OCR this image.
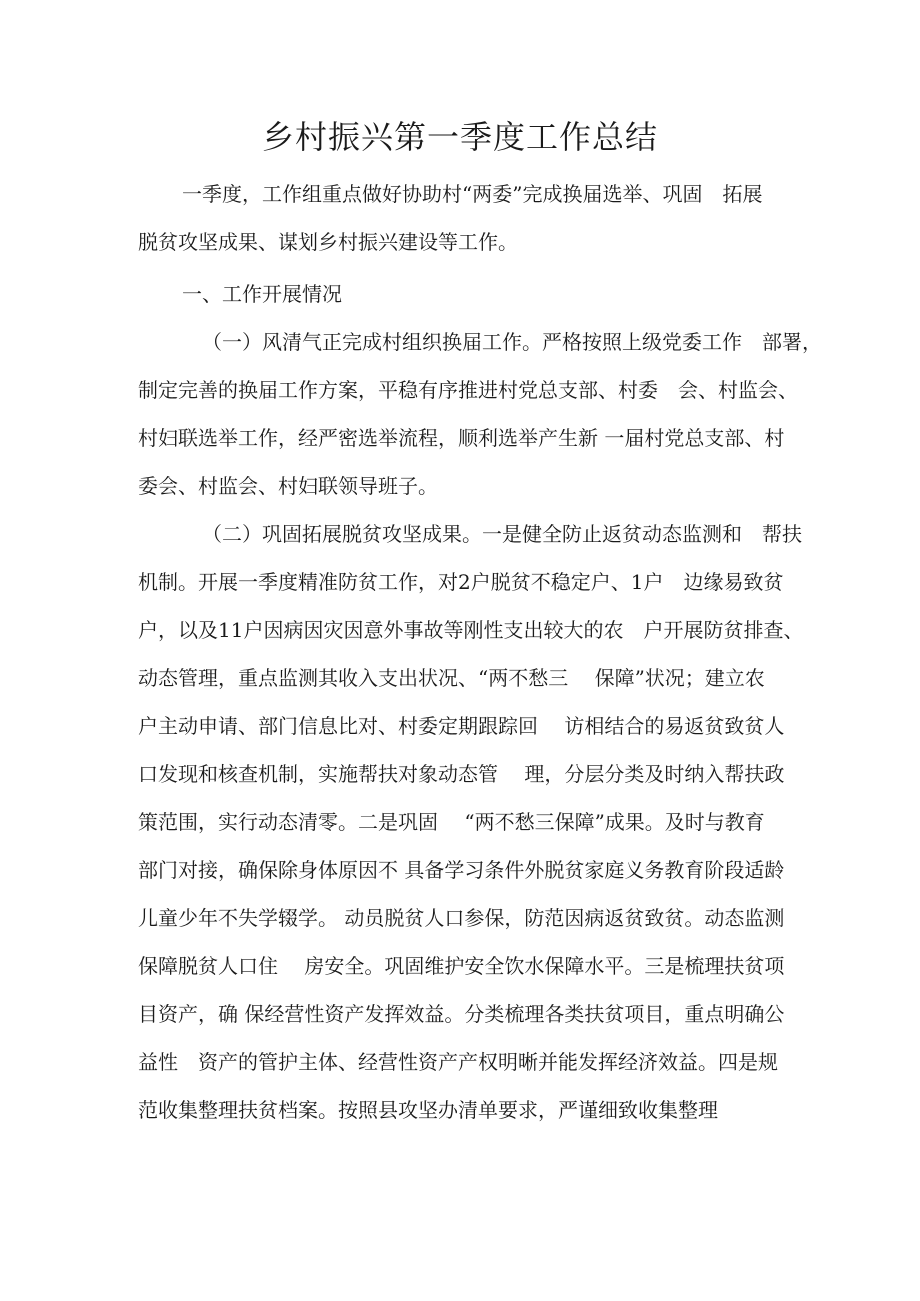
乡村振兴第一季度工作总结
一季度，工作组重点做好协助村“两委”完成换届选举、巩固　拓展
脱贫攻坚成果、谋划乡村振兴建设等工作。
一、工作开展情况
（一）风清气正完成村组织换届工作。严格按照上级党委工作　部署，
制定完善的换届工作方案，平稳有序推进村党总支部、村委　会、村监会、
村妇联选举工作，经严密选举流程，顺利选举产生新 一届村党总支部、村
委会、村监会、村妇联领导班子。
（二）巩固拓展脱贫攻坚成果。一是健全防止返贫动态监测和　帮扶
机制。开展一季度精准防贫工作，对2户脱贫不稳定户、1户　边缘易致贫
户，以及11户因病因灾因意外事故等刚性支出较大的农　户开展防贫排查、
动态管理，重点监测其收入支出状况、“两不愁三　 保障”状况；建立农
户主动申请、部门信息比对、村委定期跟踪回　 访相结合的易返贫致贫人
口发现和核查机制，实施帮扶对象动态管　 理，分层分类及时纳入帮扶政
策范围，实行动态清零。二是巩固　 “两不愁三保障”成果。及时与教育
部门对接，确保除身体原因不 具备学习条件外脱贫家庭义务教育阶段适龄
儿童少年不失学辍学。 动员脱贫人口参保，防范因病返贫致贫。动态监测
保障脱贫人口住　 房安全。巩固维护安全饮水保障水平。三是梳理扶贫项
目资产，确 保经营性资产发挥效益。分类梳理各类扶贫项目，重点明确公
益性　资产的管护主体、经营性资产产权明晰并能发挥经济效益。四是规
范收集整理扶贫档案。按照县攻坚办清单要求，严谨细致收集整理
